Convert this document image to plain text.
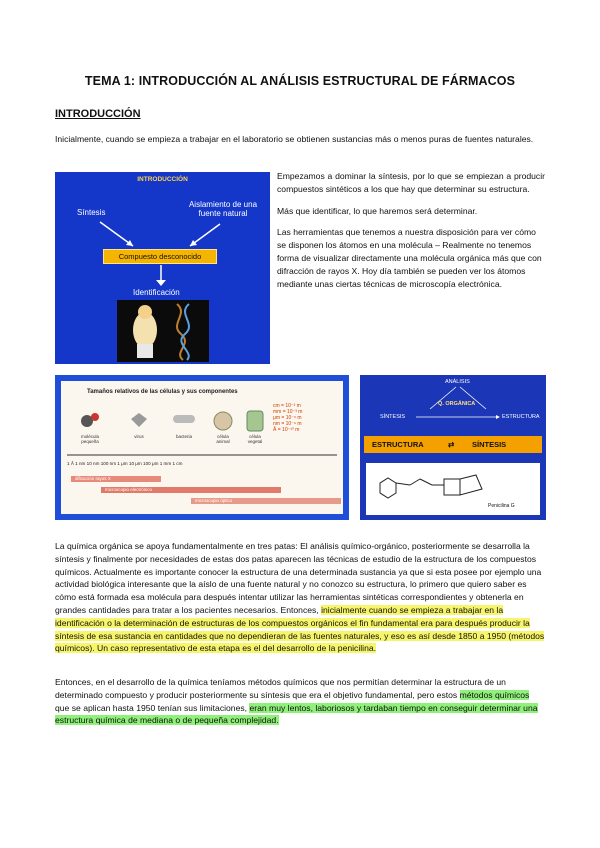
TEMA 1: INTRODUCCIÓN AL ANÁLISIS ESTRUCTURAL DE FÁRMACOS
INTRODUCCIÓN

Inicialmente, cuando se empieza a trabajar en el laboratorio se obtienen sustancias más o menos puras de fuentes naturales.

INTRODUCCIÓN
Síntesis
Aislamiento de una
fuente natural
Compuesto desconocido
Identificación

Empezamos a dominar la síntesis, por lo que se empiezan a producir compuestos sintéticos a los que hay que determinar su estructura.

Más que identificar, lo que haremos será determinar.

Las herramientas que tenemos a nuestra disposición para ver cómo se disponen los átomos en una molécula – Realmente no tenemos forma de visualizar directamente una molécula orgánica más que con difracción de rayos X. Hoy día también se pueden ver los átomos mediante unas ciertas técnicas de microscopía electrónica.

Tamaños relativos de las células y sus componentes
cm = 10⁻² m
mm = 10⁻³ m
μm = 10⁻⁶ m
nm = 10⁻⁹ m
Å = 10⁻¹⁰ m
molécula pequeña
virus	bacteria	célula animal
célula vegetal
1 Å 1 nm 10 nm 100 nm 1 μm 10 μm 100 μm 1 mm 1 cm
difracción rayos X
microscopio electrónico
microscopio óptico
ANÁLISIS
Q. ORGÁNICA
SÍNTESIS	ESTRUCTURA
ESTRUCTURA	⇄ SÍNTESIS
Penicilina G

La química orgánica se apoya fundamentalmente en tres patas: El análisis químico-orgánico, posteriormente se desarrolla la síntesis y finalmente por necesidades de estas dos patas aparecen las técnicas de estudio de la estructura de los compuestos químicos. Actualmente es importante conocer la estructura de una determinada sustancia ya que si esta posee por ejemplo una actividad biológica interesante que la aíslo de una fuente natural y no conozco su estructura, lo primero que quiero saber es cómo está formada esa molécula para después intentar utilizar las herramientas sintéticas correspondientes y obtenerla en grandes cantidades para tratar a los pacientes necesarios. Entonces, inicialmente cuando se empieza a trabajar en la identificación o la determinación de estructuras de los compuestos orgánicos el fin fundamental era para después producir la síntesis de esa sustancia en cantidades que no dependieran de las fuentes naturales, y eso es así desde 1850 a 1950 (métodos químicos). Un caso representativo de esta etapa es el del desarrollo de la penicilina.

Entonces, en el desarrollo de la química teníamos métodos químicos que nos permitían determinar la estructura de un determinado compuesto y producir posteriormente su síntesis que era el objetivo fundamental, pero estos métodos químicos que se aplican hasta 1950 tenían sus limitaciones, eran muy lentos, laboriosos y tardaban tiempo en conseguir determinar una estructura química de mediana o de pequeña complejidad.
